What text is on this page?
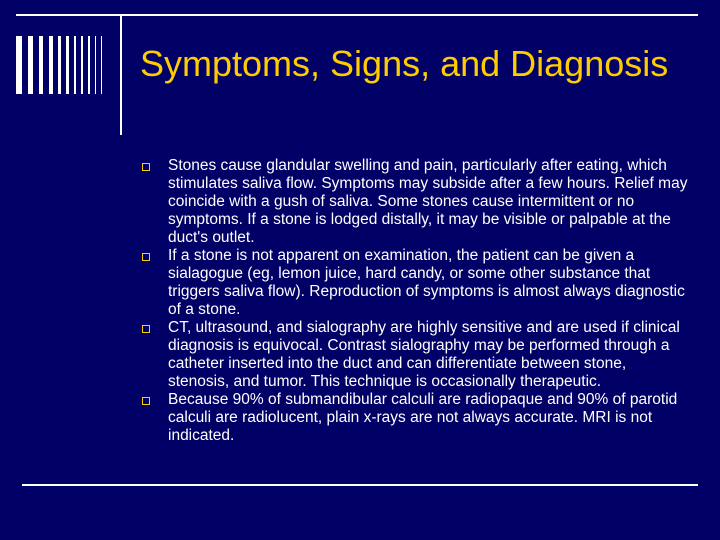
Symptoms, Signs, and Diagnosis
Stones cause glandular swelling and pain, particularly after eating, which stimulates saliva flow. Symptoms may subside after a few hours. Relief may coincide with a gush of saliva. Some stones cause intermittent or no symptoms. If a stone is lodged distally, it may be visible or palpable at the duct's outlet.
If a stone is not apparent on examination, the patient can be given a sialagogue (eg, lemon juice, hard candy, or some other substance that triggers saliva flow). Reproduction of symptoms is almost always diagnostic of a stone.
CT, ultrasound, and sialography are highly sensitive and are used if clinical diagnosis is equivocal. Contrast sialography may be performed through a catheter inserted into the duct and can differentiate between stone, stenosis, and tumor. This technique is occasionally therapeutic.
Because 90% of submandibular calculi are radiopaque and 90% of parotid calculi are radiolucent, plain x-rays are not always accurate. MRI is not indicated.
